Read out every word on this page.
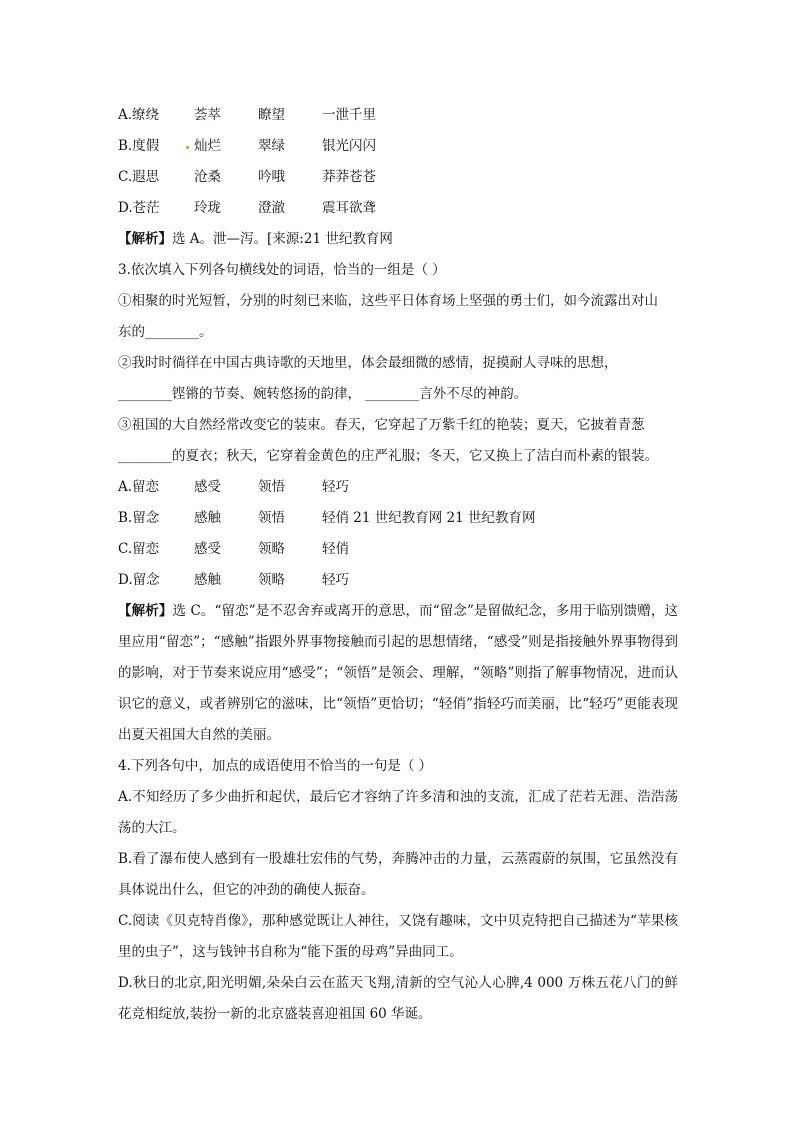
A.缭绕	荟萃	瞭望	一泄千里
B.度假	灿烂	翠绿	银光闪闪
C.遐思	沧桑	吟哦	莽莽苍苍
D.苍茫	玲珑	澄澈	震耳欲聋
【解析】选 A。泄—泻。[来源:21 世纪教育网
3.依次填入下列各句横线处的词语，恰当的一组是（ ）
①相聚的时光短暂，分别的时刻已来临，这些平日体育场上坚强的勇士们，如今流露出对山
东的________。
②我时时徜徉在中国古典诗歌的天地里，体会最细微的感情，捉摸耐人寻味的思想，
________铿锵的节奏、婉转悠扬的韵律， ________言外不尽的神韵。
③祖国的大自然经常改变它的装束。春天，它穿起了万紫千红的艳装；夏天，它披着青葱
________的夏衣；秋天，它穿着金黄色的庄严礼服；冬天，它又换上了洁白而朴素的银装。
A.留恋	感受	领悟	轻巧
B.留念	感触	领悟	轻俏 21 世纪教育网 21 世纪教育网
C.留恋	感受	领略	轻俏
D.留念	感触	领略	轻巧
【解析】选 C。“留恋”是不忍舍弃或离开的意思，而“留念”是留做纪念，多用于临别馈赠，这里应用“留恋”；“感触”指跟外界事物接触而引起的思想情绪，“感受”则是指接触外界事物得到的影响，对于节奏来说应用“感受”；“领悟”是领会、理解，“领略”则指了解事物情况，进而认识它的意义，或者辨别它的滋味，比“领悟”更恰切；“轻俏”指轻巧而美丽，比“轻巧”更能表现出夏天祖国大自然的美丽。
4.下列各句中，加点的成语使用不恰当的一句是（ ）
A.不知经历了多少曲折和起伏，最后它才容纳了许多清和浊的支流，汇成了茫若无涯、浩浩荡荡的大江。
B.看了瀑布使人感到有一股雄壮宏伟的气势，奔腾冲击的力量，云蒸霞蔚的氛围，它虽然没有具体说出什么，但它的冲劲的确使人振奋。
C.阅读《贝克特肖像》，那种感觉既让人神往，又饶有趣味，文中贝克特把自己描述为“苹果核里的虫子”，这与钱钟书自称为“能下蛋的母鸡”异曲同工。
D.秋日的北京,阳光明媚,朵朵白云在蓝天飞翔,清新的空气沁人心脾,4 000 万株五花八门的鲜花竞相绽放,装扮一新的北京盛装喜迎祖国 60 华诞。
